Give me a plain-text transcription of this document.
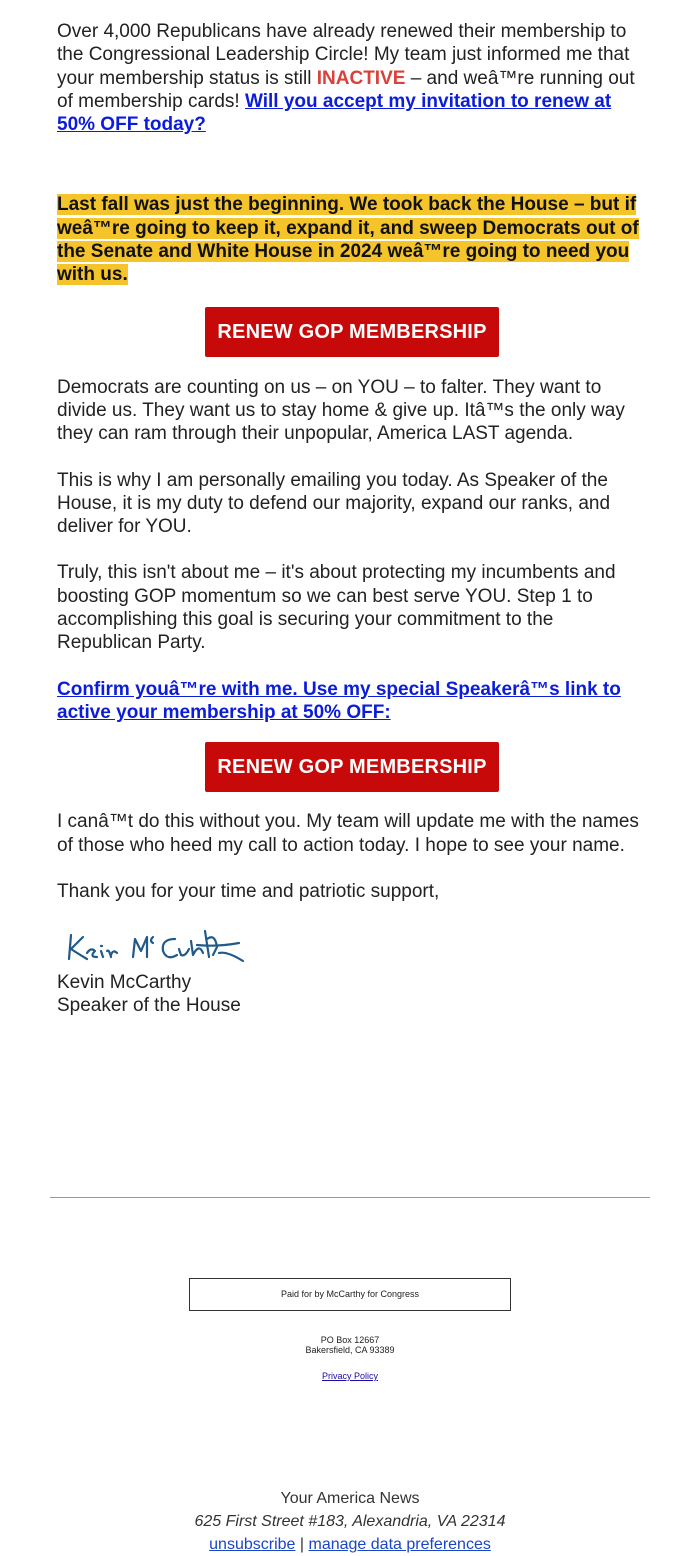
Over 4,000 Republicans have already renewed their membership to the Congressional Leadership Circle! My team just informed me that your membership status is still INACTIVE – and weâ™re running out of membership cards! Will you accept my invitation to renew at 50% OFF today?

Last fall was just the beginning. We took back the House – but if weâ™re going to keep it, expand it, and sweep Democrats out of the Senate and White House in 2024 weâ™re going to need you with us.

RENEW GOP MEMBERSHIP

Democrats are counting on us – on YOU – to falter. They want to divide us. They want us to stay home & give up. Itâ™s the only way they can ram through their unpopular, America LAST agenda.

This is why I am personally emailing you today. As Speaker of the House, it is my duty to defend our majority, expand our ranks, and deliver for YOU.

Truly, this isn't about me – it's about protecting my incumbents and boosting GOP momentum so we can best serve YOU. Step 1 to accomplishing this goal is securing your commitment to the Republican Party.

Confirm youâ™re with me. Use my special Speakerâ™s link to active your membership at 50% OFF:

RENEW GOP MEMBERSHIP

I canâ™t do this without you. My team will update me with the names of those who heed my call to action today. I hope to see your name.

Thank you for your time and patriotic support,

Kevin McCarthy

Speaker of the House

Paid for by McCarthy for Congress
PO Box 12667
Bakersfield, CA 93389
Privacy Policy
Your America News
625 First Street #183, Alexandria, VA 22314
unsubscribe | manage data preferences
